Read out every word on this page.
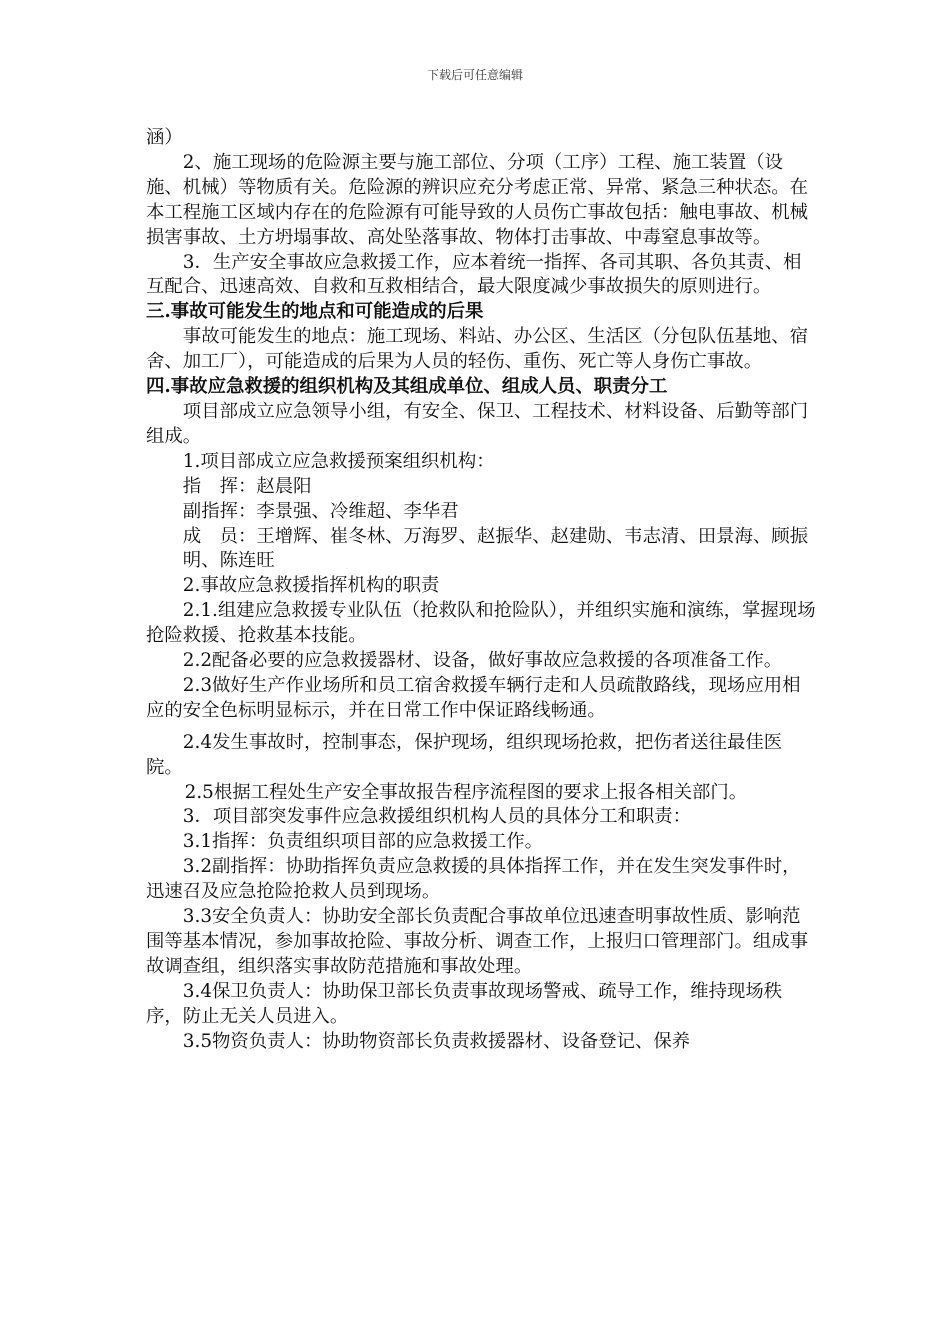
下载后可任意编辑

涵）

2、施工现场的危险源主要与施工部位、分项（工序）工程、施工装置（设施、机械）等物质有关。危险源的辨识应充分考虑正常、异常、紧急三种状态。在本工程施工区域内存在的危险源有可能导致的人员伤亡事故包括：触电事故、机械损害事故、土方坍塌事故、高处坠落事故、物体打击事故、中毒窒息事故等。

3．生产安全事故应急救援工作，应本着统一指挥、各司其职、各负其责、相互配合、迅速高效、自救和互救相结合，最大限度减少事故损失的原则进行。

三.事故可能发生的地点和可能造成的后果

事故可能发生的地点：施工现场、料站、办公区、生活区（分包队伍基地、宿舍、加工厂），可能造成的后果为人员的轻伤、重伤、死亡等人身伤亡事故。

四.事故应急救援的组织机构及其组成单位、组成人员、职责分工

项目部成立应急领导小组，有安全、保卫、工程技术、材料设备、后勤等部门组成。

1.项目部成立应急救援预案组织机构：

指　挥：赵晨阳

副指挥：李景强、冷维超、李华君

成　员：王增辉、崔冬林、万海罗、赵振华、赵建勋、韦志清、田景海、顾振明、陈连旺

2.事故应急救援指挥机构的职责

2.1.组建应急救援专业队伍（抢救队和抢险队），并组织实施和演练，掌握现场抢险救援、抢救基本技能。

2.2配备必要的应急救援器材、设备，做好事故应急救援的各项准备工作。

2.3做好生产作业场所和员工宿舍救援车辆行走和人员疏散路线，现场应用相应的安全色标明显标示，并在日常工作中保证路线畅通。

2.4发生事故时，控制事态，保护现场，组织现场抢救，把伤者送往最佳医院。

2.5根据工程处生产安全事故报告程序流程图的要求上报各相关部门。

3．项目部突发事件应急救援组织机构人员的具体分工和职责：

3.1指挥：负责组织项目部的应急救援工作。

3.2副指挥：协助指挥负责应急救援的具体指挥工作，并在发生突发事件时，迅速召及应急抢险抢救人员到现场。

3.3安全负责人：协助安全部长负责配合事故单位迅速查明事故性质、影响范围等基本情况，参加事故抢险、事故分析、调查工作，上报归口管理部门。组成事故调查组，组织落实事故防范措施和事故处理。

3.4保卫负责人：协助保卫部长负责事故现场警戒、疏导工作，维持现场秩序，防止无关人员进入。

3.5物资负责人：协助物资部长负责救援器材、设备登记、保养
